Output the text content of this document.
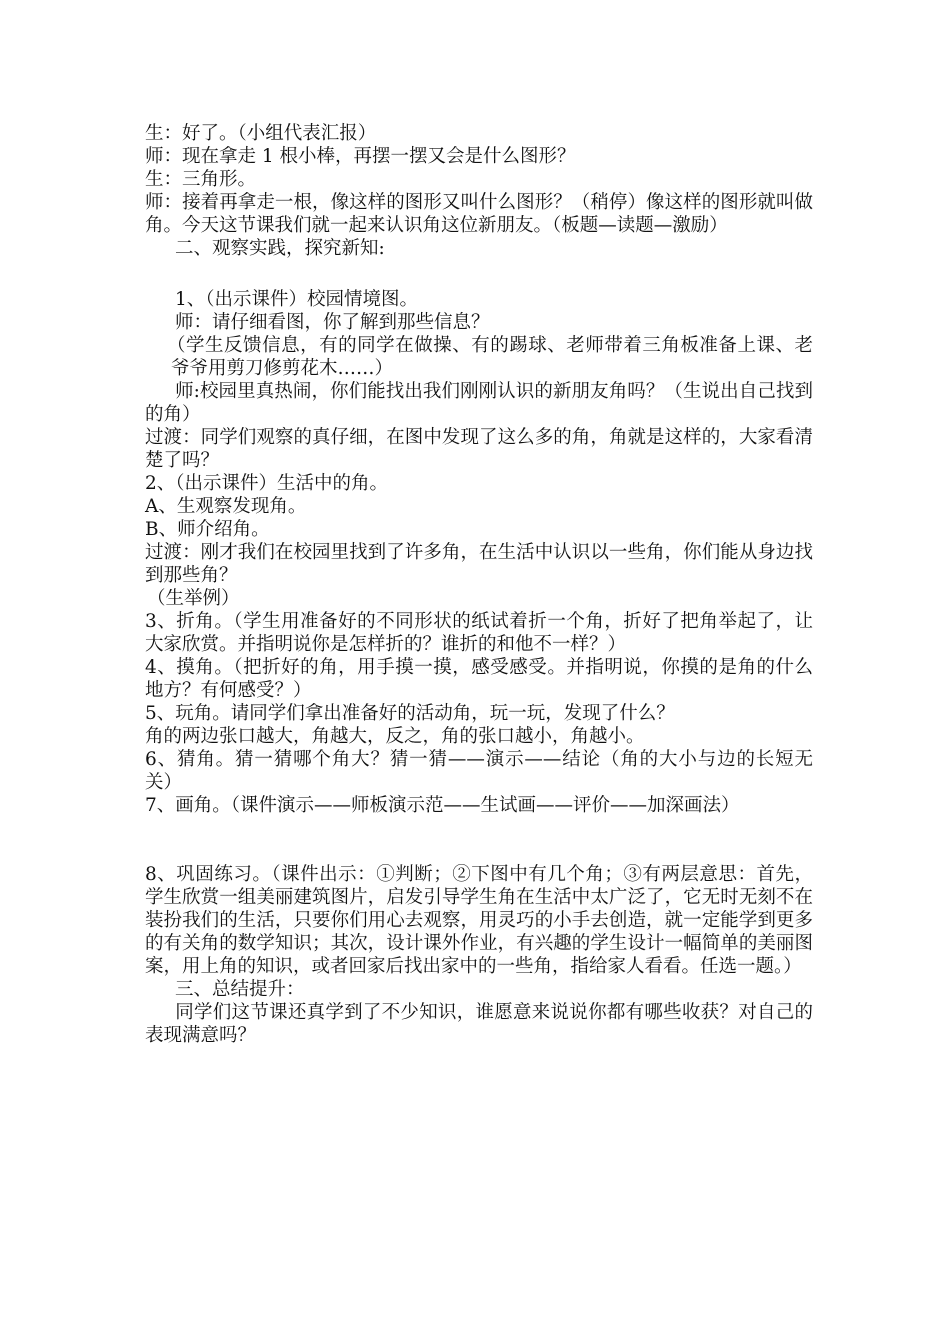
生：好了。（小组代表汇报）

师：现在拿走 1 根小棒，再摆一摆又会是什么图形？

生：三角形。

师：接着再拿走一根，像这样的图形又叫什么图形？（稍停）像这样的图形就叫做角。今天这节课我们就一起来认识角这位新朋友。（板题—读题—激励）

二、观察实践，探究新知:

1、（出示课件）校园情境图。

师：请仔细看图，你了解到那些信息？

（学生反馈信息，有的同学在做操、有的踢球、老师带着三角板准备上课、老爷爷用剪刀修剪花木……）

师:校园里真热闹，你们能找出我们刚刚认识的新朋友角吗？（生说出自己找到的角）

过渡：同学们观察的真仔细，在图中发现了这么多的角，角就是这样的，大家看清楚了吗？

2、（出示课件）生活中的角。

A、生观察发现角。

B、师介绍角。

过渡：刚才我们在校园里找到了许多角，在生活中认识以一些角，你们能从身边找到那些角？

（生举例）

3、折角。（学生用准备好的不同形状的纸试着折一个角，折好了把角举起了，让大家欣赏。并指明说你是怎样折的？谁折的和他不一样？）

4、摸角。（把折好的角，用手摸一摸，感受感受。并指明说，你摸的是角的什么地方？有何感受？）

5、玩角。请同学们拿出准备好的活动角，玩一玩，发现了什么？

角的两边张口越大，角越大，反之，角的张口越小，角越小。

6、猜角。猜一猜哪个角大？猜一猜——演示——结论（角的大小与边的长短无关）

7、画角。（课件演示——师板演示范——生试画——评价——加深画法）

8、巩固练习。（课件出示：①判断；②下图中有几个角；③有两层意思：首先，学生欣赏一组美丽建筑图片，启发引导学生角在生活中太广泛了，它无时无刻不在装扮我们的生活，只要你们用心去观察，用灵巧的小手去创造，就一定能学到更多的有关角的数学知识；其次，设计课外作业，有兴趣的学生设计一幅简单的美丽图案，用上角的知识，或者回家后找出家中的一些角，指给家人看看。任选一题。）

三、总结提升：

同学们这节课还真学到了不少知识，谁愿意来说说你都有哪些收获？对自己的表现满意吗？
